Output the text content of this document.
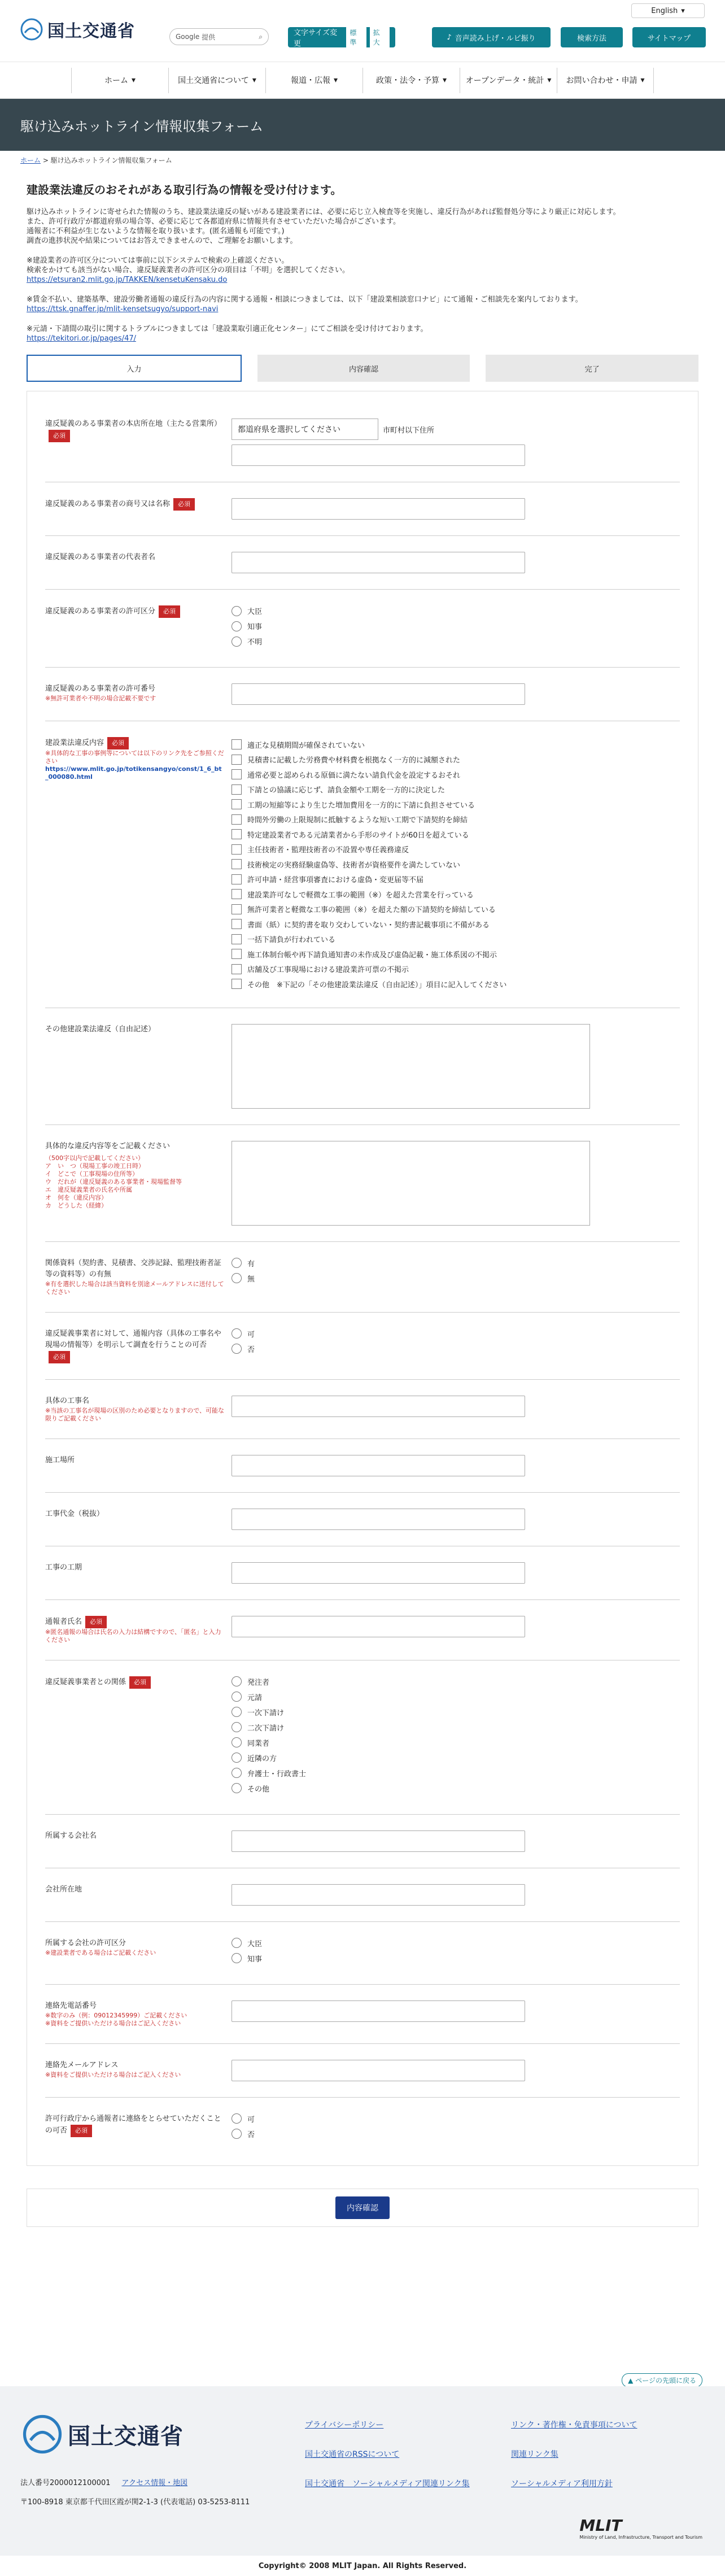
国土交通省
English ▾
Google
提供	⌕	文字サイズ変更
標準
拡大
♪ 音声読み上げ・ルビ振り	検索方法	サイトマップ
ホーム ▾	国土交通省について ▾	報道・広報 ▾	政策・法令・予算 ▾ オープンデータ・統計 ▾ お問い合わせ・申請 ▾
駆け込みホットライン情報収集フォーム
ホーム > 駆け込みホットライン情報収集フォーム
建設業法違反のおそれがある取引行為の情報を受け付けます。

駆け込みホットラインに寄せられた情報のうち、建設業法違反の疑いがある建設業者には、必要に応じ立入検査等を実施し、違反行為があれば監督処分等により厳正に対応します。

また、許可行政庁が都道府県の場合等、必要に応じて各都道府県に情報共有させていただいた場合がございます。

通報者に不利益が生じないような情報を取り扱います。(匿名通報も可能です。)

調査の進捗状況や結果についてはお答えできませんので、ご理解をお願いします。

※建設業者の許可区分については事前に以下システムで検索の上確認ください。

検索をかけても該当がない場合、違反疑義業者の許可区分の項目は「不明」を選択してください。

https://etsuran2.mlit.go.jp/TAKKEN/kensetuKensaku.do

※賃金不払い、建築基準、建設労働者通報の違反行為の内容に関する通報・相談につきましては、以下「建設業相談窓口ナビ」にて通報・ご相談先を案内しております。

https://ttsk.gnaffer.jp/mlit-kensetsugyo/support-navi

※元請・下請間の取引に関するトラブルにつきましては「建設業取引適正化センター」にてご相談を受け付けております。

https://tekitori.or.jp/pages/47/

入力	内容確認	完了
違反疑義のある事業者の本店所在地（主たる営業所）必須
都道府県を選択してください	市町村以下住所
違反疑義のある事業者の商号又は名称 必須
違反疑義のある事業者の代表者名
違反疑義のある事業者の許可区分 必須	大臣
知事
不明
違反疑義のある事業者の許可番号
※無許可業者や不明の場合記載不要です
建設業法違反内容 必須
※具体的な工事の事例等については以下のリンク先をご参照ください
https://www.mlit.go.jp/totikensangyo/const/1_6_bt_000080.html
適正な見積期間が確保されていない
見積書に記載した労務費や材料費を根拠なく一方的に減額された
通常必要と認められる原価に満たない請負代金を設定するおそれ
下請との協議に応じず、請負金額や工期を一方的に決定した
工期の短縮等により生じた増加費用を一方的に下請に負担させている
時間外労働の上限規制に抵触するような短い工期で下請契約を締結
特定建設業者である元請業者から手形のサイトが60日を超えている
主任技術者・監理技術者の不設置や専任義務違反
技術検定の実務経験虚偽等、技術者が資格要件を満たしていない
許可申請・経営事項審査における虚偽・変更届等不届
建設業許可なしで軽微な工事の範囲（※）を超えた営業を行っている
無許可業者と軽微な工事の範囲（※）を超えた額の下請契約を締結している
書面（紙）に契約書を取り交わしていない・契約書記載事項に不備がある
一括下請負が行われている
施工体制台帳や再下請負通知書の未作成及び虚偽記載・施工体系図の不掲示
店舗及び工事現場における建設業許可票の不掲示
その他　※下記の「その他建設業法違反（自由記述）」項目に記入してください
その他建設業法違反（自由記述）
具体的な違反内容等をご記載ください
（500字以内で記載してください）
ア　い　つ（現場工事の竣工日時）
イ　どこで（工事現場の住所等）
ウ　だれが（違反疑義のある事業者・現場監督等
エ　違反疑義業者の氏名や所属
オ　何を（違反内容）
カ　どうした（経緯）
関係資料（契約書、見積書、交渉記録、監理技術者証等の資料等）の有無
※有を選択した場合は該当資料を別途メールアドレスに送付してください
有
無
違反疑義事業者に対して、通報内容（具体の工事名や現場の情報等）を明示して調査を行うことの可否必須
可
否
具体の工事名
※当該の工事名が現場の区別のため必要となりますので、可能な限りご記載ください
施工場所
工事代金（税抜）
工事の工期
通報者氏名 必須
※匿名通報の場合は氏名の入力は結構ですので、「匿名」と入力ください
違反疑義事業者との関係 必須	発注者
元請
一次下請け
二次下請け
同業者
近隣の方
弁護士・行政書士
その他
所属する会社名
会社所在地
所属する会社の許可区分
※建設業者である場合はご記載ください
大臣
知事
連絡先電話番号
※数字のみ（例：09012345999）ご記載ください
※資料をご提供いただける場合はご記入ください
連絡先メールアドレス
※資料をご提供いただける場合はご記入ください
許可行政庁から通報者に連絡をとらせていただくことの可否 必須
可
否
内容確認
▲ ページの先頭に戻る
国土交通省
法人番号2000012100001 アクセス情報・地図
〒100-8918 東京都千代田区霞が関2-1-3 (代表電話) 03-5253-8111
プライバシーポリシー	リンク・著作権・免責事項について
国土交通省のRSSについて	関連リンク集
国土交通省　ソーシャルメディア関連リンク集	ソーシャルメディア利用方針
MLIT
Ministry of Land, Infrastructure, Transport and Tourism
Copyright© 2008 MLIT Japan. All Rights Reserved.
